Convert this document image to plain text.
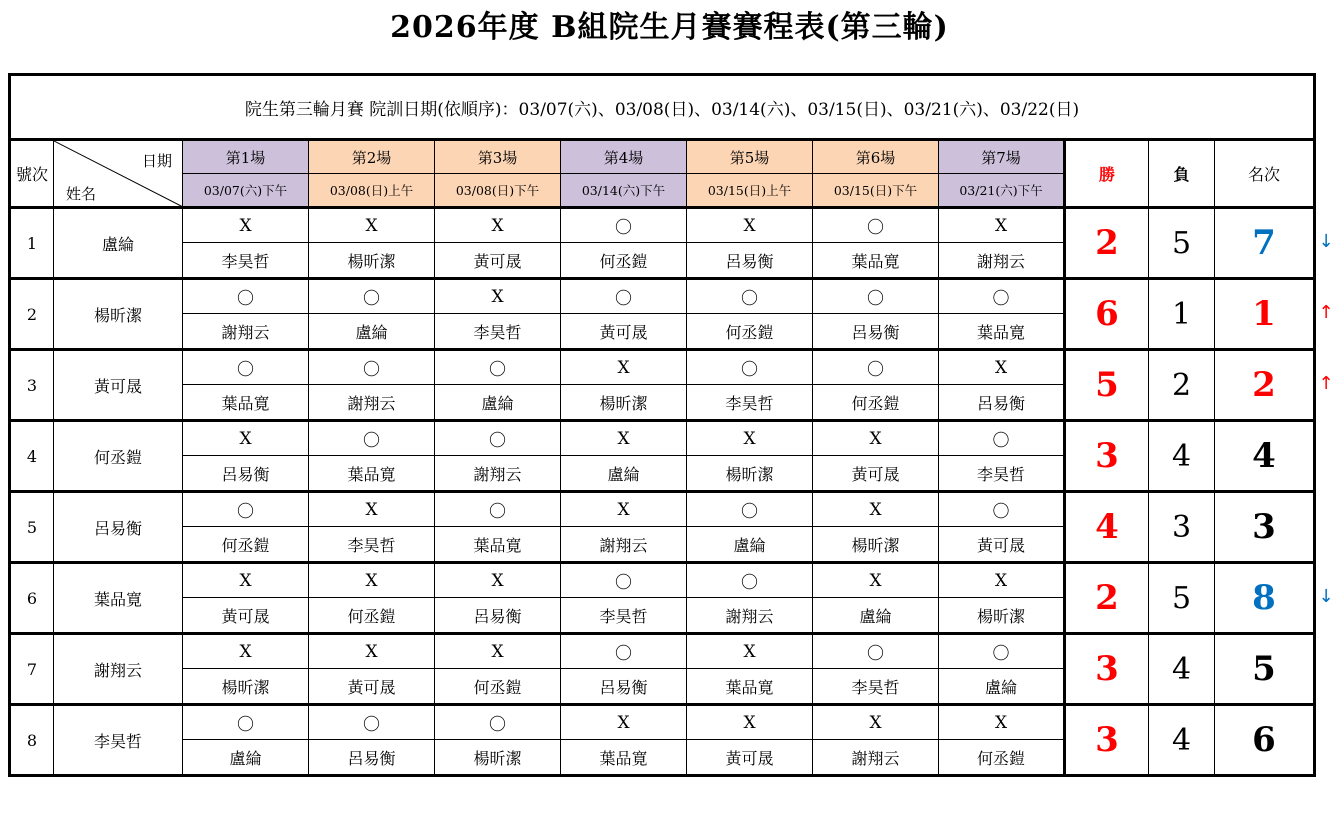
2026年度 B組院生月賽賽程表(第三輪)
院生第三輪月賽 院訓日期(依順序)：03/07(六)、03/08(日)、03/14(六)、03/15(日)、03/21(六)、03/22(日)											
號次	日期
姓名	第1場	第2場	第3場	第4場	第5場	第6場	第7場	勝	負	名次
		03/07(六)下午	03/08(日)上午	03/08(日)下午	03/14(六)下午	03/15(日)上午	03/15(日)下午	03/21(六)下午			
1	盧綸	X	X	X	〇	X	〇	X	2	5	7
		李昊哲	楊昕潔	黃可晟	何丞鎧	呂易衡	葉品寛	謝翔云			
2	楊昕潔	〇	〇	X	〇	〇	〇	〇	6	1	1
		謝翔云	盧綸	李昊哲	黃可晟	何丞鎧	呂易衡	葉品寛			
3	黃可晟	〇	〇	〇	X	〇	〇	X	5	2	2
		葉品寛	謝翔云	盧綸	楊昕潔	李昊哲	何丞鎧	呂易衡			
4	何丞鎧	X	〇	〇	X	X	X	〇	3	4	4
		呂易衡	葉品寛	謝翔云	盧綸	楊昕潔	黃可晟	李昊哲			
5	呂易衡	〇	X	〇	X	〇	X	〇	4	3	3
		何丞鎧	李昊哲	葉品寛	謝翔云	盧綸	楊昕潔	黃可晟			
6	葉品寛	X	X	X	〇	〇	X	X	2	5	8
		黃可晟	何丞鎧	呂易衡	李昊哲	謝翔云	盧綸	楊昕潔			
7	謝翔云	X	X	X	〇	X	〇	〇	3	4	5
		楊昕潔	黃可晟	何丞鎧	呂易衡	葉品寛	李昊哲	盧綸			
8	李昊哲	〇	〇	〇	X	X	X	X	3	4	6
		盧綸	呂易衡	楊昕潔	葉品寛	黃可晟	謝翔云	何丞鎧			
↓
↑
↑
↓
